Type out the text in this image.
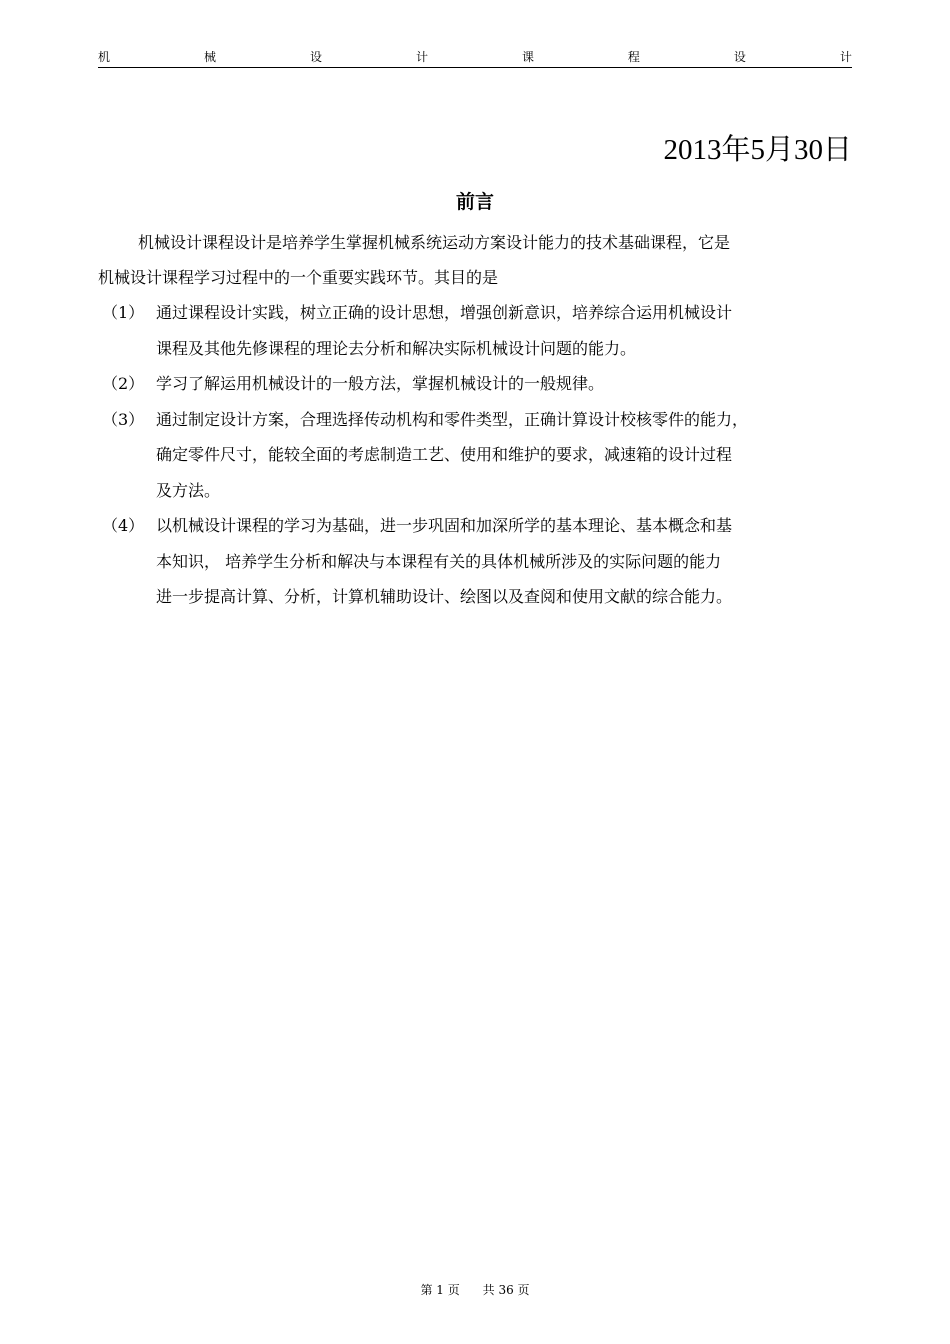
机	械	设	计	课	程	设	计
2013年5月30日
前言
机械设计课程设计是培养学生掌握机械系统运动方案设计能力的技术基础课程，它是
机械设计课程学习过程中的一个重要实践环节。其目的是
（1） 通过课程设计实践，树立正确的设计思想，增强创新意识，培养综合运用机械设计
课程及其他先修课程的理论去分析和解决实际机械设计问题的能力。
（2） 学习了解运用机械设计的一般方法，掌握机械设计的一般规律。
（3） 通过制定设计方案，合理选择传动机构和零件类型，正确计算设计校核零件的能力，
确定零件尺寸，能较全面的考虑制造工艺、使用和维护的要求，减速箱的设计过程
及方法。
（4） 以机械设计课程的学习为基础，进一步巩固和加深所学的基本理论、基本概念和基
本知识， 培养学生分析和解决与本课程有关的具体机械所涉及的实际问题的能力
进一步提高计算、分析，计算机辅助设计、绘图以及查阅和使用文献的综合能力。
第 1 页 共 36 页
